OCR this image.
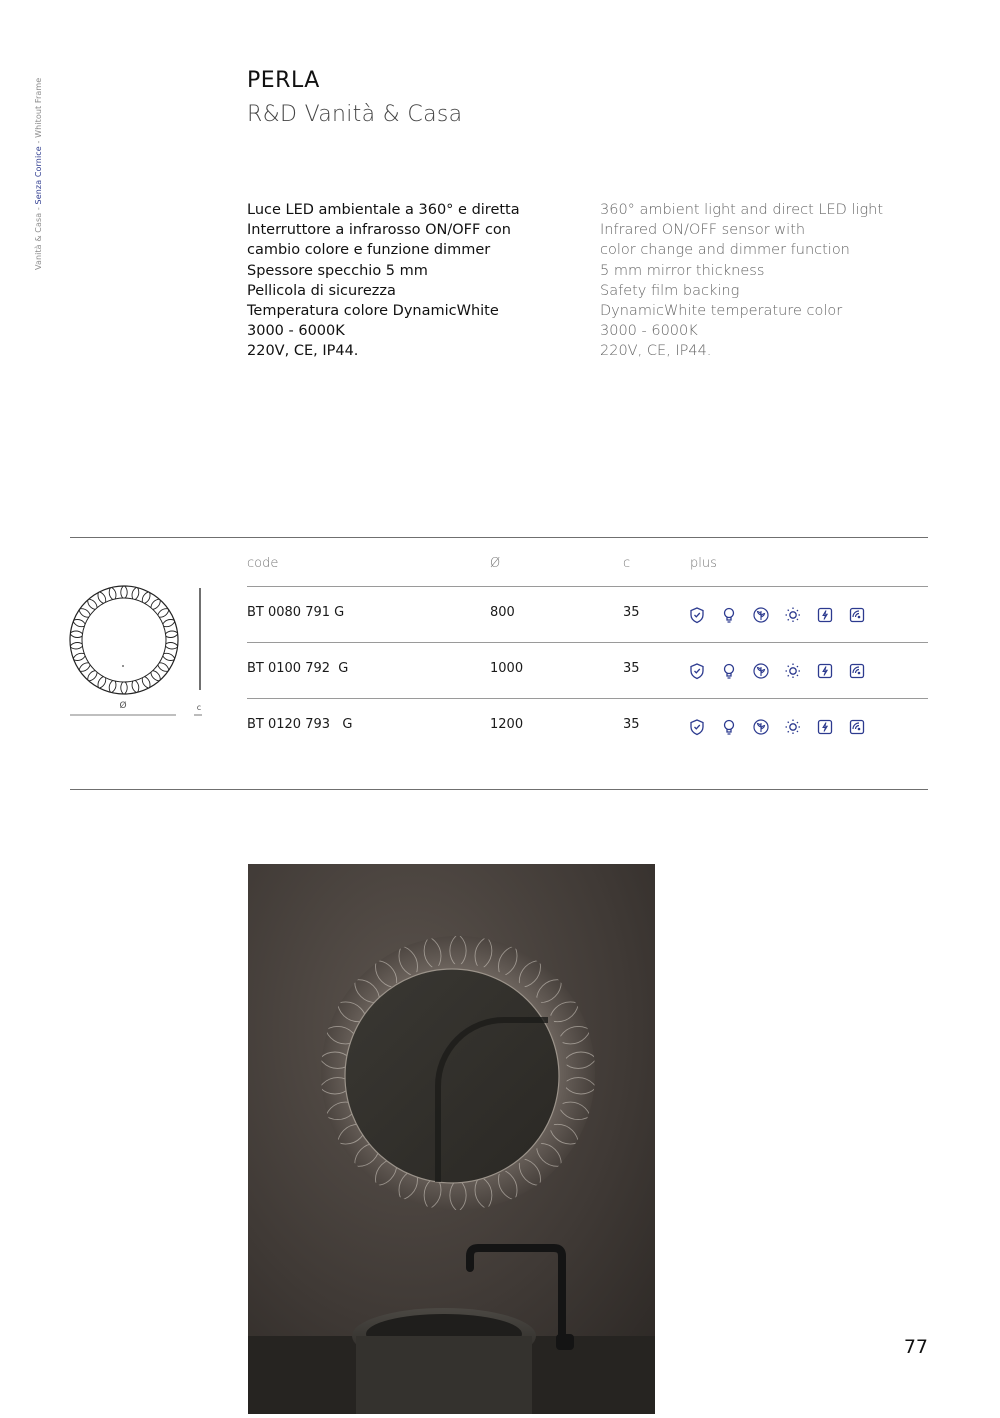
Vanità & Casa - Senza Cornice - Whitout Frame	PERLA
R&D Vanità & Casa
Luce LED ambientale a 360° e diretta
Interruttore a infrarosso ON/OFF con
cambio colore e funzione dimmer
Spessore specchio 5 mm
Pellicola di sicurezza
Temperatura colore DynamicWhite
3000 - 6000K
220V, CE, IP44.
360° ambient light and direct LED light
Infrared ON/OFF sensor with
color change and dimmer function
5 mm mirror thickness
Safety film backing
DynamicWhite temperature color
3000 - 6000K
220V, CE, IP44.
code	Ø	c	plus
BT 0080 791 G	800	35
BT 0100 792  G	1000	35
BT 0120 793   G	1200	35
Ø	c
77
